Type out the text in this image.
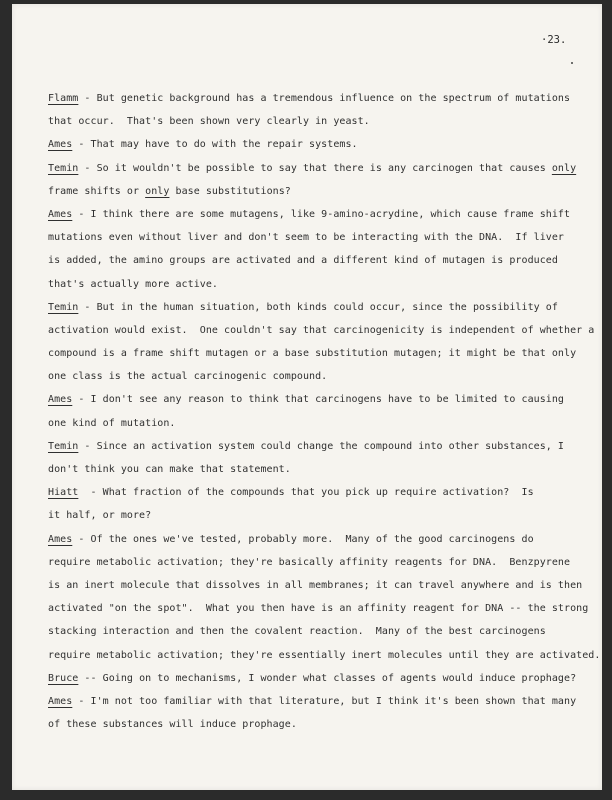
·23.
Flamm - But genetic background has a tremendous influence on the spectrum of mutations
that occur.  That's been shown very clearly in yeast.
Ames - That may have to do with the repair systems.
Temin - So it wouldn't be possible to say that there is any carcinogen that causes only
frame shifts or only base substitutions?
Ames - I think there are some mutagens, like 9-amino-acrydine, which cause frame shift
mutations even without liver and don't seem to be interacting with the DNA.  If liver
is added, the amino groups are activated and a different kind of mutagen is produced
that's actually more active.
Temin - But in the human situation, both kinds could occur, since the possibility of
activation would exist.  One couldn't say that carcinogenicity is independent of whether a
compound is a frame shift mutagen or a base substitution mutagen; it might be that only
one class is the actual carcinogenic compound.
Ames - I don't see any reason to think that carcinogens have to be limited to causing
one kind of mutation.
Temin - Since an activation system could change the compound into other substances, I
don't think you can make that statement.
Hiatt  - What fraction of the compounds that you pick up require activation?  Is
it half, or more?
Ames - Of the ones we've tested, probably more.  Many of the good carcinogens do
require metabolic activation; they're basically affinity reagents for DNA.  Benzpyrene
is an inert molecule that dissolves in all membranes; it can travel anywhere and is then
activated "on the spot".  What you then have is an affinity reagent for DNA -- the strong
stacking interaction and then the covalent reaction.  Many of the best carcinogens
require metabolic activation; they're essentially inert molecules until they are activated.
Bruce -- Going on to mechanisms, I wonder what classes of agents would induce prophage?
Ames - I'm not too familiar with that literature, but I think it's been shown that many
of these substances will induce prophage.
